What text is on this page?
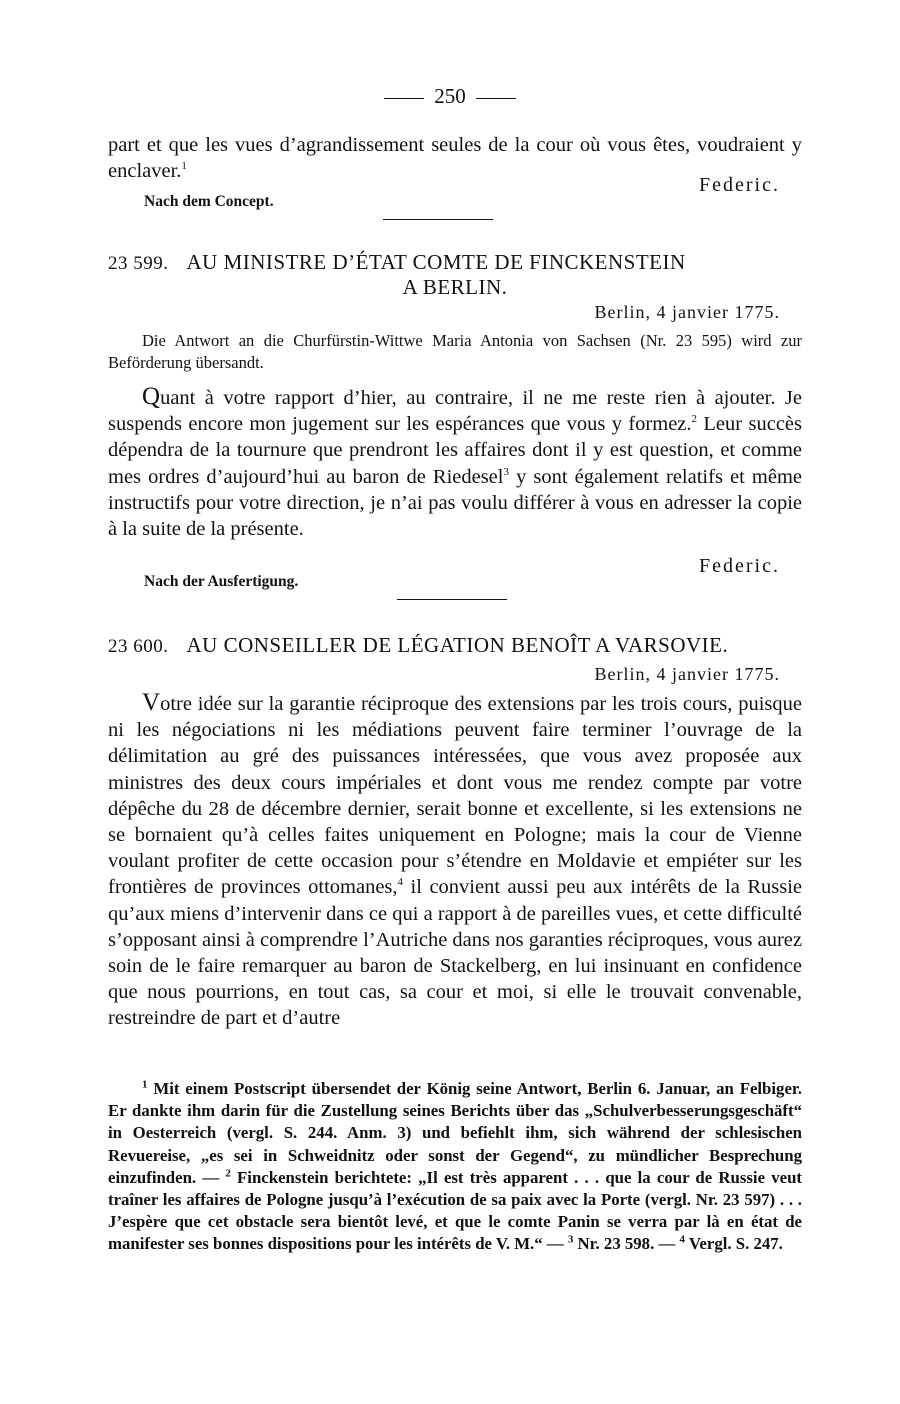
250
part et que les vues d’agrandissement seules de la cour où vous êtes, voudraient y enclaver.$^1$
Federic.
Nach dem Concept.
23 599. AU MINISTRE D’ÉTAT COMTE DE FINCKENSTEIN
A BERLIN.
Berlin, 4 janvier 1775.
Die Antwort an die Churfürstin-Wittwe Maria Antonia von Sachsen (Nr. 23 595) wird zur Beförderung übersandt.
Quant à votre rapport d’hier, au contraire, il ne me reste rien à ajouter. Je suspends encore mon jugement sur les espérances que vous y formez.$^2$ Leur succès dépendra de la tournure que prendront les affaires dont il y est question, et comme mes ordres d’aujourd’hui au baron de Riedesel$^3$ y sont également relatifs et même instructifs pour votre direction, je n’ai pas voulu différer à vous en adresser la copie à la suite de la présente.
Federic.
Nach der Ausfertigung.
23 600. AU CONSEILLER DE LÉGATION BENOÎT A VARSOVIE.
Berlin, 4 janvier 1775.
Votre idée sur la garantie réciproque des extensions par les trois cours, puisque ni les négociations ni les médiations peuvent faire terminer l’ouvrage de la délimitation au gré des puissances intéressées, que vous avez proposée aux ministres des deux cours impériales et dont vous me rendez compte par votre dépêche du 28 de décembre dernier, serait bonne et excellente, si les extensions ne se bornaient qu’à celles faites uniquement en Pologne; mais la cour de Vienne voulant profiter de cette occasion pour s’étendre en Moldavie et empiéter sur les frontières de provinces ottomanes,$^4$ il convient aussi peu aux intérêts de la Russie qu’aux miens d’intervenir dans ce qui a rapport à de pareilles vues, et cette difficulté s’opposant ainsi à comprendre l’Autriche dans nos garanties réciproques, vous aurez soin de le faire remarquer au baron de Stackelberg, en lui insinuant en confidence que nous pourrions, en tout cas, sa cour et moi, si elle le trouvait convenable, restreindre de part et d’autre
$^1$ Mit einem Postscript übersendet der König seine Antwort, Berlin 6. Januar, an Felbiger. Er dankte ihm darin für die Zustellung seines Berichts über das „Schulverbesserungsgeschäft“ in Oesterreich (vergl. S. 244. Anm. 3) und befiehlt ihm, sich während der schlesischen Revuereise, „es sei in Schweidnitz oder sonst der Gegend“, zu mündlicher Besprechung einzufinden. — $^2$ Finckenstein berichtete: „Il est très apparent . . . que la cour de Russie veut traîner les affaires de Pologne jusqu’à l’exécution de sa paix avec la Porte (vergl. Nr. 23 597) . . . J’espère que cet obstacle sera bientôt levé, et que le comte Panin se verra par là en état de manifester ses bonnes dispositions pour les intérêts de V. M.“ — $^3$ Nr. 23 598. — $^4$ Vergl. S. 247.
